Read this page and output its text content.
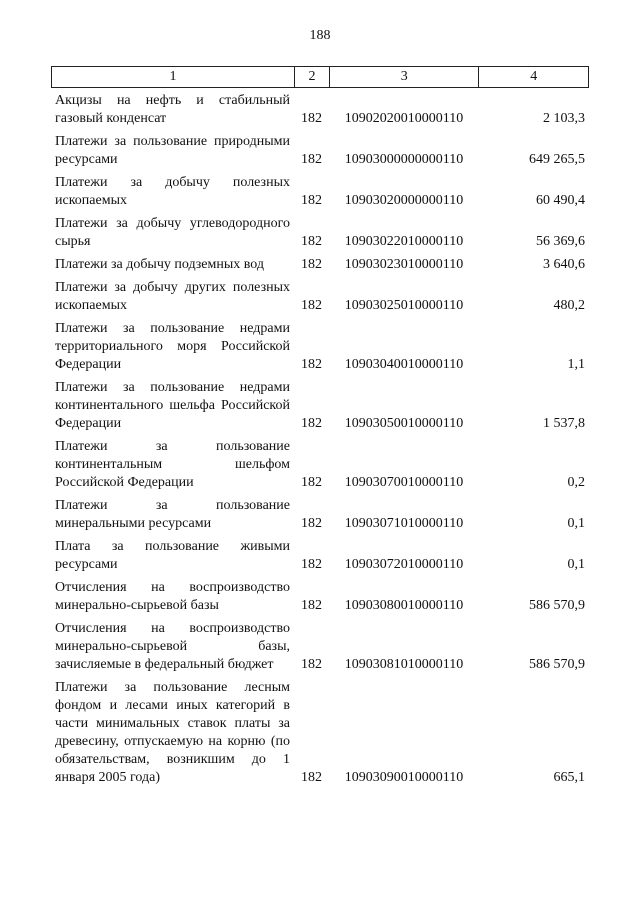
188
1	2	3	4
Акцизы на нефть и стабильный газовый конденсат	182	10902020010000110	2 103,3
Платежи за пользование природными ресурсами	182	10903000000000110	649 265,5
Платежи за добычу полезных ископаемых	182	10903020000000110	60 490,4
Платежи за добычу углеводородного сырья	182	10903022010000110	56 369,6
Платежи за добычу подземных вод	182	10903023010000110	3 640,6
Платежи за добычу других полезных ископаемых	182	10903025010000110	480,2
Платежи за пользование недрами территориального моря Российской Федерации	182	10903040010000110	1,1
Платежи за пользование недрами континентального шельфа Российской Федерации	182	10903050010000110	1 537,8
Платежи за пользование континентальным шельфом Российской Федерации	182	10903070010000110	0,2
Платежи за пользование минеральными ресурсами	182	10903071010000110	0,1
Плата за пользование живыми ресурсами	182	10903072010000110	0,1
Отчисления на воспроизводство минерально-сырьевой базы	182	10903080010000110	586 570,9
Отчисления на воспроизводство минерально-сырьевой базы, зачисляемые в федеральный бюджет	182	10903081010000110	586 570,9
Платежи за пользование лесным фондом и лесами иных категорий в части минимальных ставок платы за древесину, отпускаемую на корню (по обязательствам, возникшим до 1 января 2005 года)	182	10903090010000110	665,1
